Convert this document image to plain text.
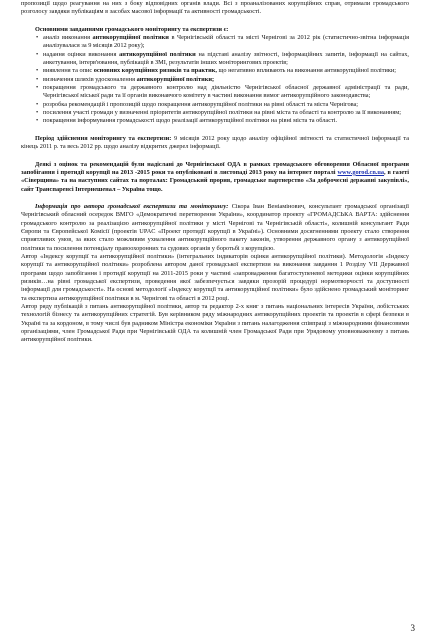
пропозиції щодо реагування на них з боку відповідних органів влади. Всі з проаналізованих корупційних справ, отримали громадського розголосу завдяки публікаціям в засобах масової інформації та активності громадськості.

Основними завданнями громадського моніторингу та експертизи є:

• аналіз виконання антикорупційної політики в Чернігівській області та місті Чернігові за 2012 рік (статистично-звітна інформація аналізувалася за 9 місяців 2012 року);

• надання оцінки виконання антикорупційної політики на підставі аналізу звітності, інформаційних запитів, інформації на сайтах, анкетування, інтерв'ювання, публікацій в ЗМІ, результатів інших моніторингових проектів;

• виявлення та опис основних корупційних ризиків та практик, що негативно впливають на виконання антикорупційної політики;

• визначення шляхів удосконалення антикорупційної політики;

• покращення громадського та державного контролю над діяльністю Чернігівської обласної державної адміністрації та ради, Чернігівської міської ради та її органів виконавчого комітету в частині виконання вимог антикорупційного законодавства;

• розробка рекомендацій і пропозицій щодо покращення антикорупційної політики на рівні області та міста Чернігова;

• посилення участі громади у визначенні пріоритетів антикорупційної політики на рівні міста та області та контролю за її виконанням;

• покращення інформування громадськості щодо реалізації антикорупційної політики на рівні міста та області.

Період здійснення моніторингу та експертизи: 9 місяців 2012 року щодо аналізу офіційної звітності та статистичної інформації та кінець 2011 р. та весь 2012 рр. щодо аналізу відкритих джерел інформації.

Деякі з оцінок та рекомендацій були надіслані до Чернігівської ОДА в рамках громадського обговорення Обласної програми запобігання і протидії корупції на 2013 -2015 роки та опубліковані в листопаді 2013 року на інтернет порталі www.gorod.cn.ua, в газеті «Сіверщина» та на наступних сайтах та порталах: Громадський прорив, громадське партнерство «За доброчесні державні закупівлі», сайт Транспаренсі Інтернешенал – Україна тощо.

Інформація про автора громадської експертизи та моніторингу: Сікора Іван Веніамінович, консультант громадської організації Чернігівський обласний осередок ВМГО «Демократичні перетворення України», координатор проекту «ГРОМАДСЬКА ВАРТА: здійснення громадського контролю за реалізацією антикорупційної політики у місті Чернігові та Чернігівській області», колишній консультант Ради Європи та Європейської Комісії (проектів UPAC «Проект протидії корупції в Україні»). Основними досягненнями проекту стало створення сприятливих умов, за яких стало можливим ухвалення антикорупційного пакету законів, утворення державного органу з антикорупційної політики та посилення потенціалу правоохоронних та судових органів у боротьбі з корупцією.

Автор «Індексу корупції та антикорупційної політики» (інтегральних індикаторів оцінки антикорупційної політики). Методологія «Індексу корупції та антикорупційної політики» розроблена автором даної громадської експертизи на виконання завдання 1 Розділу VII Державної програми щодо запобігання і протидії корупції на 2011-2015 роки у частині «запровадження багатоступеневої методики оцінки корупційних ризиків…на рівні громадської експертизи, проведення якої забезпечується завдяки прозорій процедурі нормотворчості та доступності інформації для громадськості». На основі методології «Індексу корупції та антикорупційної політики» було здійснено громадський моніторинг та експертиза антикорупційної політики в м. Чернігові та області в 2012 році.

Автор ряду публікацій з питань антикорупційної політики, автор та редактор 2-х книг з питань національних інтересів України, лобістських технологій бізнесу та антикорупційних стратегій. Був керівником ряду міжнародних антикорупційних проектів та проектів в сфері безпеки в Україні та за кордоном, в тому числі був радником Міністра економіки України з питань налагодження співпраці з міжнародними фінансовими організаціями, член Громадської Ради при Чернігівській ОДА та колишній член Громадської Ради при Урядовому уповноваженому з питань антикорупційної політики.

3
